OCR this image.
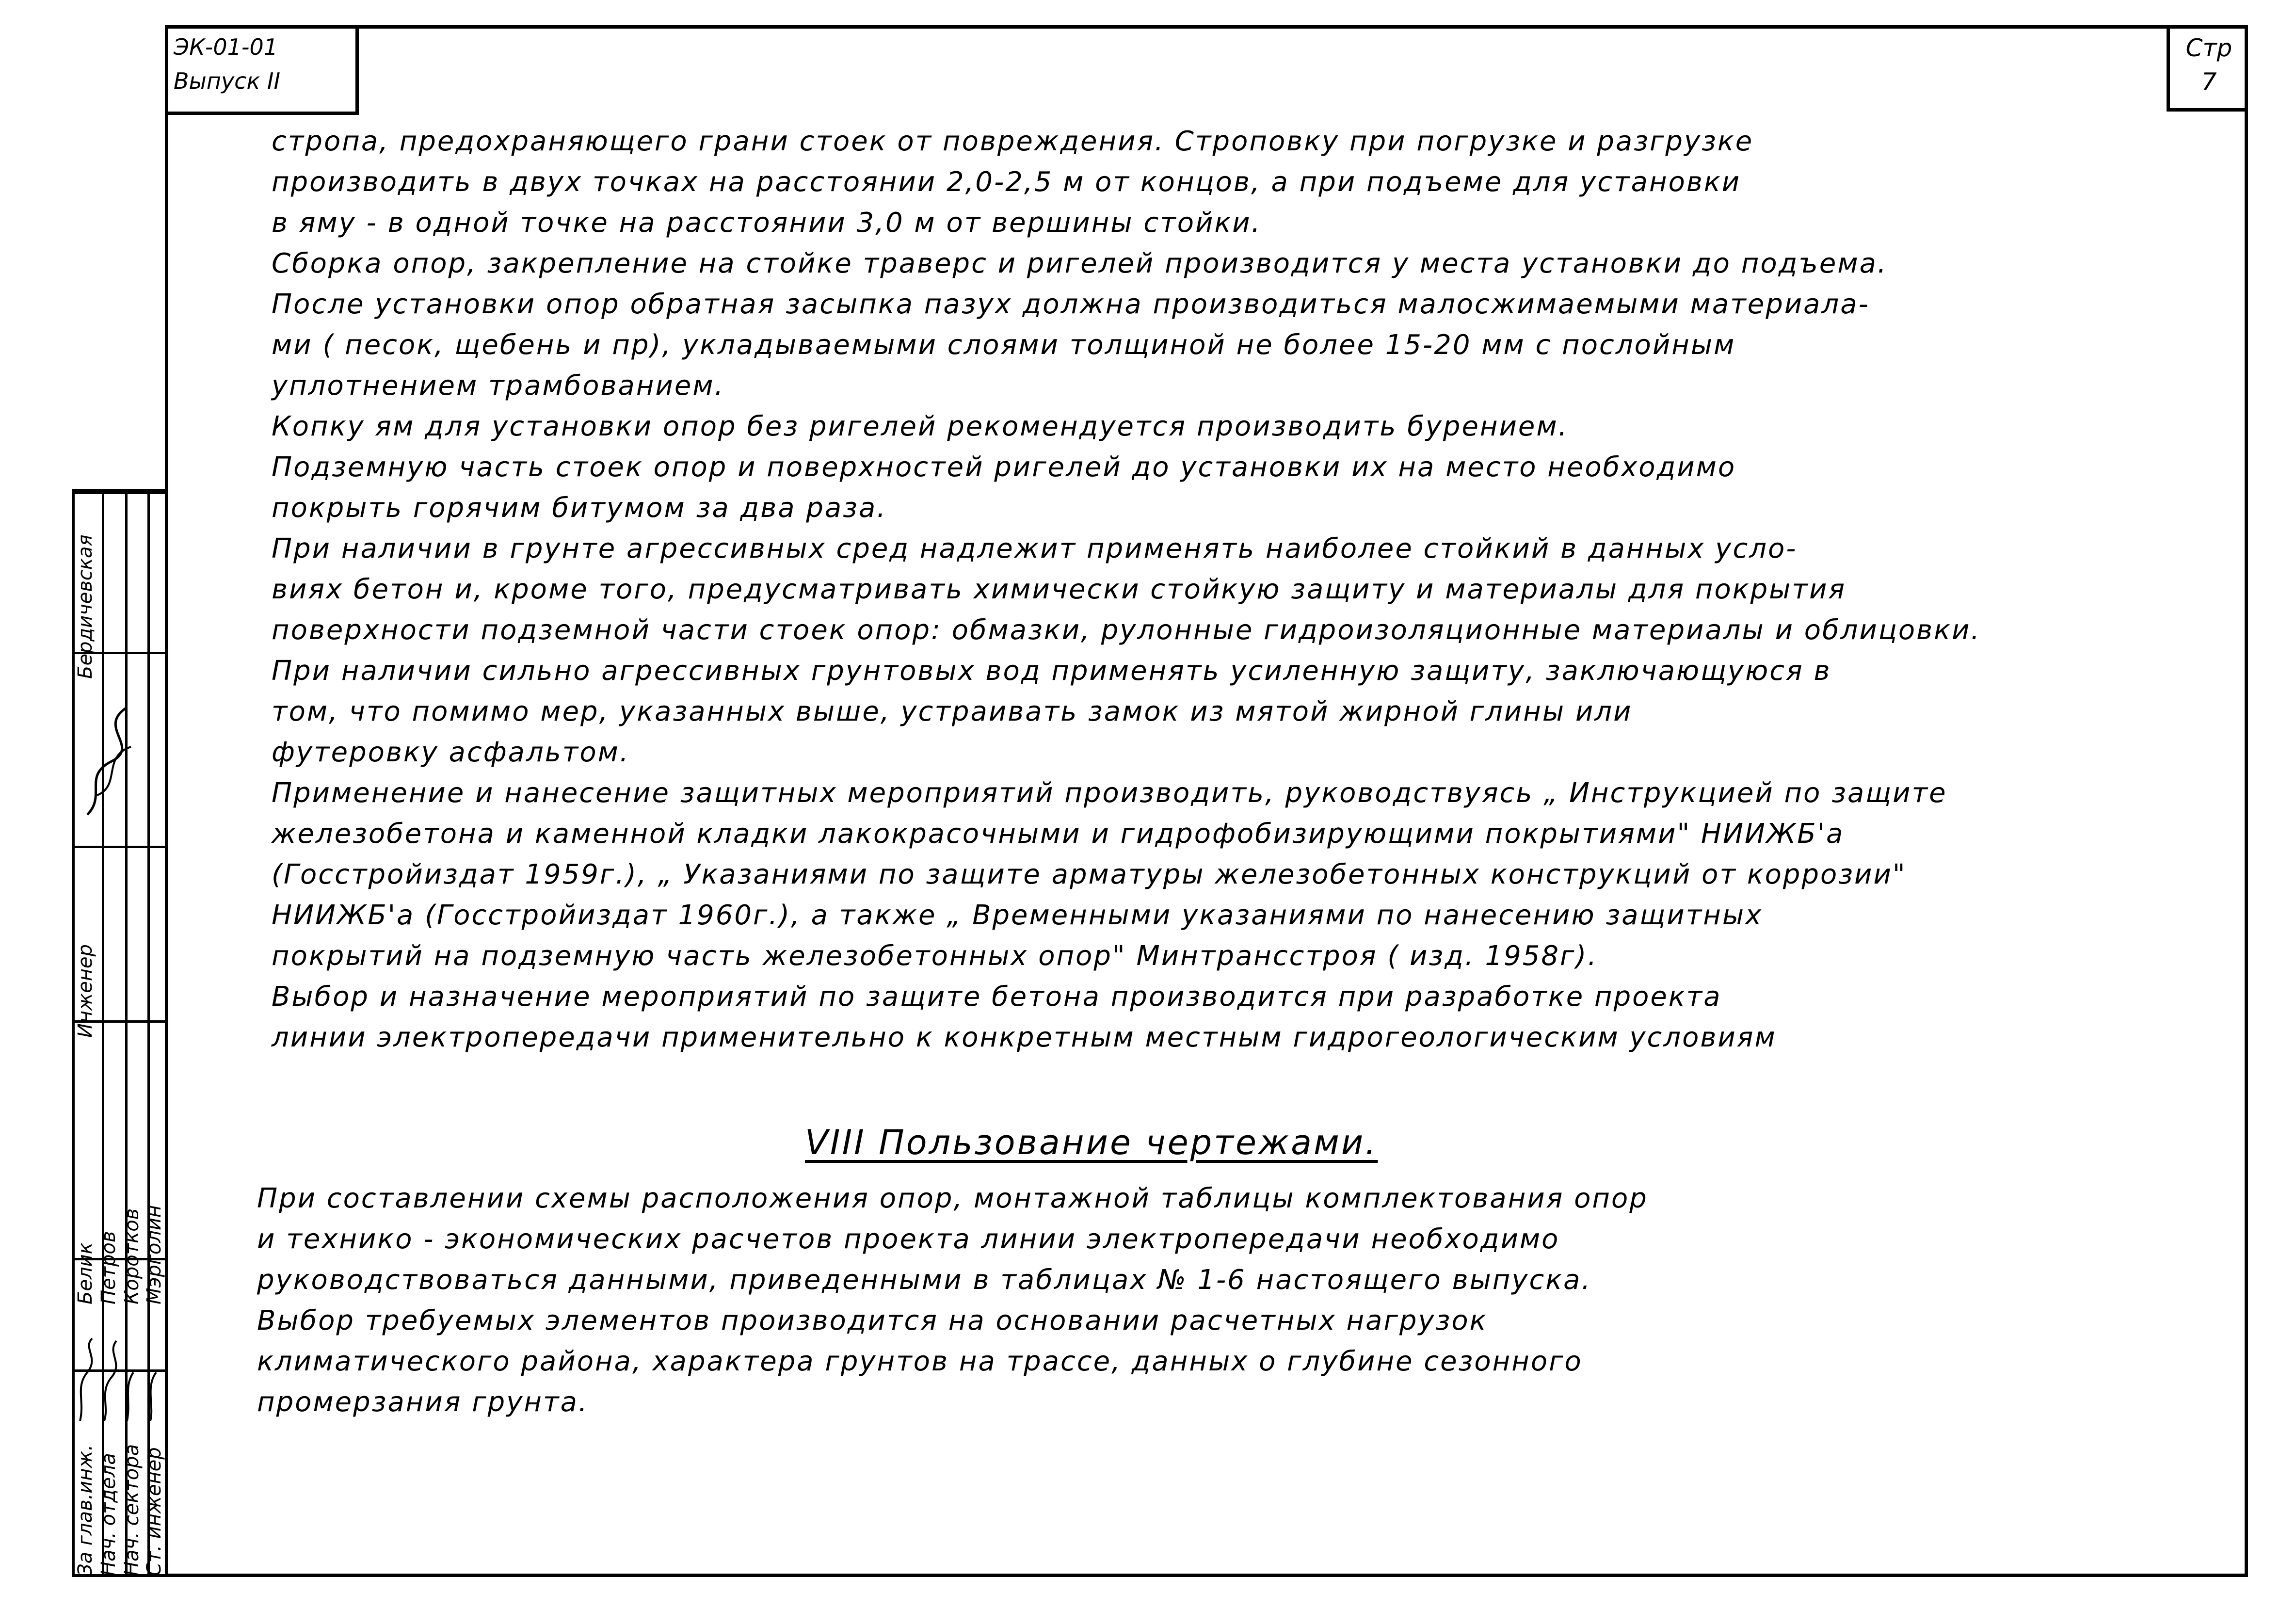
За глав.инж. Нач. отдела Нач. сектора Ст. инженер
Белик Петров Коротков Мэрголин
Инженер
Бердичевская
ЭК-01-01
Выпуск II
Стр
7
стропа, предохраняющего грани стоек от повреждения. Строповку при погрузке и разгрузке
производить в двух точках на расстоянии 2,0-2,5 м от концов, а при подъеме для установки
в яму - в одной точке на расстоянии 3,0 м от вершины стойки.
Сборка опор, закрепление на стойке траверс и ригелей производится у места установки до подъема.
После установки опор обратная засыпка пазух должна производиться малосжимаемыми материала-
ми ( песок, щебень и пр), укладываемыми слоями толщиной не более 15-20 мм с послойным
уплотнением трамбованием.
Копку ям для установки опор без ригелей рекомендуется производить бурением.
Подземную часть стоек опор и поверхностей ригелей до установки их на место необходимо
покрыть горячим битумом за два раза.
При наличии в грунте агрессивных сред надлежит применять наиболее стойкий в данных усло-
виях бетон и, кроме того, предусматривать химически стойкую защиту и материалы для покрытия
поверхности подземной части стоек опор: обмазки, рулонные гидроизоляционные материалы и облицовки.
При наличии сильно агрессивных грунтовых вод применять усиленную защиту, заключающуюся в
том, что помимо мер, указанных выше, устраивать замок из мятой жирной глины или
футеровку асфальтом.
Применение и нанесение защитных мероприятий производить, руководствуясь „ Инструкцией по защите
железобетона и каменной кладки лакокрасочными и гидрофобизирующими покрытиями" НИИЖБ'а
(Госстройиздат 1959г.), „ Указаниями по защите арматуры железобетонных конструкций от коррозии"
НИИЖБ'а (Госстройиздат 1960г.), а также „ Временными указаниями по нанесению защитных
покрытий на подземную часть железобетонных опор" Минтрансстроя ( изд. 1958г).
Выбор и назначение мероприятий по защите бетона производится при разработке проекта
линии электропередачи применительно к конкретным местным гидрогеологическим условиям
VIII Пользование чертежами.
При составлении схемы расположения опор, монтажной таблицы комплектования опор
и технико - экономических расчетов проекта линии электропередачи необходимо
руководствоваться данными, приведенными в таблицах № 1-6 настоящего выпуска.
Выбор требуемых элементов производится на основании расчетных нагрузок
климатического района, характера грунтов на трассе, данных о глубине сезонного
промерзания грунта.
